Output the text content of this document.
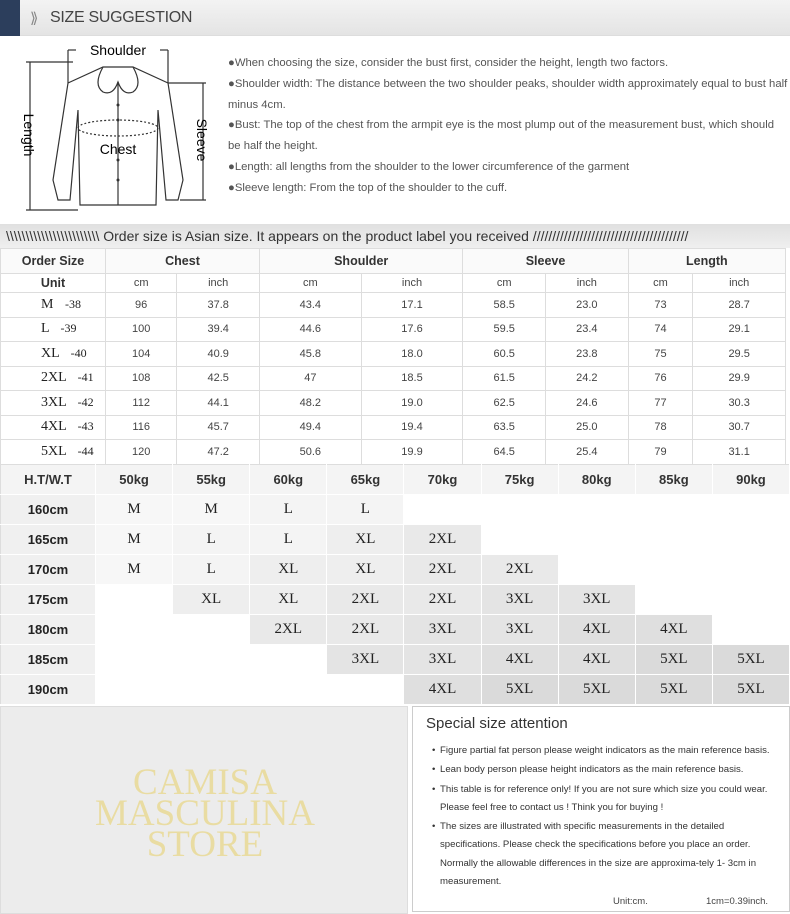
⟫ SIZE SUGGESTION
Shoulder
Chest
Length	Sleeve

●When choosing the size, consider the bust first, consider the height, length two factors.

●Shoulder width: The distance between the two shoulder peaks, shoulder width approximately equal to bust half minus 4cm.

●Bust: The top of the chest from the armpit eye is the most plump out of the measurement bust, which should be half the height.

●Length: all lengths from the shoulder to the lower circumference of the garment

●Sleeve length: From the top of the shoulder to the cuff.

\\\\\\\\\\\\\\\\\\\\\\\\ Order size is Asian size. It appears on the product label you received ////////////////////////////////////////
Order Size	Chest		Shoulder		Sleeve		Length	
Unit	cm	inch	cm	inch	cm	inch	cm	inch
M -38	96	37.8	43.4	17.1	58.5	23.0	73	28.7
L -39	100	39.4	44.6	17.6	59.5	23.4	74	29.1
XL -40	104	40.9	45.8	18.0	60.5	23.8	75	29.5
2XL -41	108	42.5	47	18.5	61.5	24.2	76	29.9
3XL -42	112	44.1	48.2	19.0	62.5	24.6	77	30.3
4XL -43	116	45.7	49.4	19.4	63.5	25.0	78	30.7
5XL -44	120	47.2	50.6	19.9	64.5	25.4	79	31.1
H.T/W.T	50kg	55kg	60kg	65kg	70kg	75kg	80kg	85kg	90kg
160cm	M	M	L	L					
165cm	M	L	L	XL	2XL				
170cm	M	L	XL	XL	2XL	2XL			
175cm		XL	XL	2XL	2XL	3XL	3XL		
180cm			2XL	2XL	3XL	3XL	4XL	4XL	
185cm				3XL	3XL	4XL	4XL	5XL	5XL
190cm					4XL	5XL	5XL	5XL	5XL
CAMISA
MASCULINA
STORE
Special size attention
• Figure partial fat person please weight indicators as the main reference basis.
• Lean body person please height indicators as the main reference basis.
• This table is for reference only! If you are not sure which size you could wear. Please feel free to contact us ! Think you for buying !
• The sizes are illustrated with specific measurements in the detailed specifications. Please check the specifications before you place an order. Normally the allowable differences in the size are approxima-tely 1- 3cm in measurement.
Unit:cm.	1cm=0.39inch.
